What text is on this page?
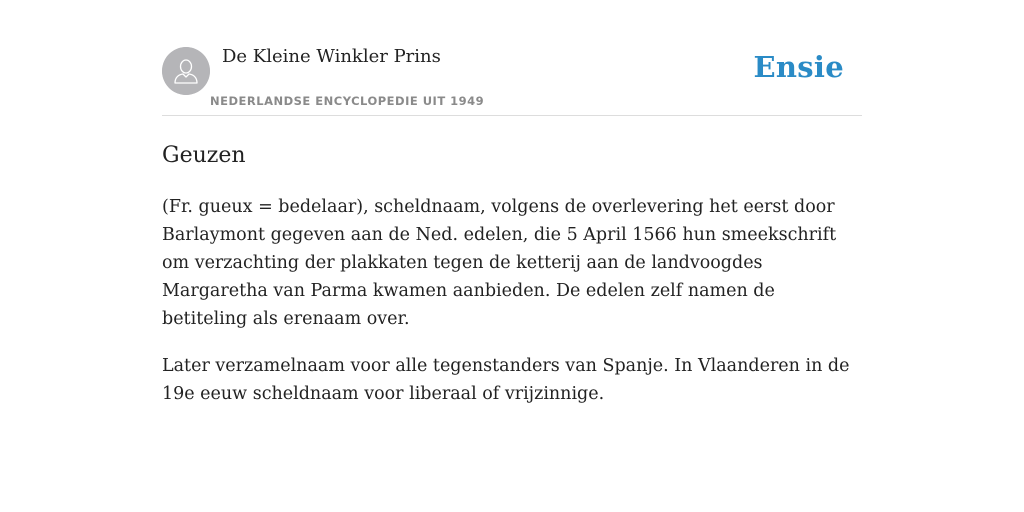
De Kleine Winkler Prins
NEDERLANDSE ENCYCLOPEDIE UIT 1949
Ensie
Geuzen

(Fr. gueux = bedelaar), scheldnaam, volgens de overlevering het eerst door Barlaymont gegeven aan de Ned. edelen, die 5 April 1566 hun smeekschrift om verzachting der plakkaten tegen de ketterij aan de landvoogdes Margaretha van Parma kwamen aanbieden. De edelen zelf namen de betiteling als erenaam over.

Later verzamelnaam voor alle tegenstanders van Spanje. In Vlaanderen in de 19e eeuw scheldnaam voor liberaal of vrijzinnige.
